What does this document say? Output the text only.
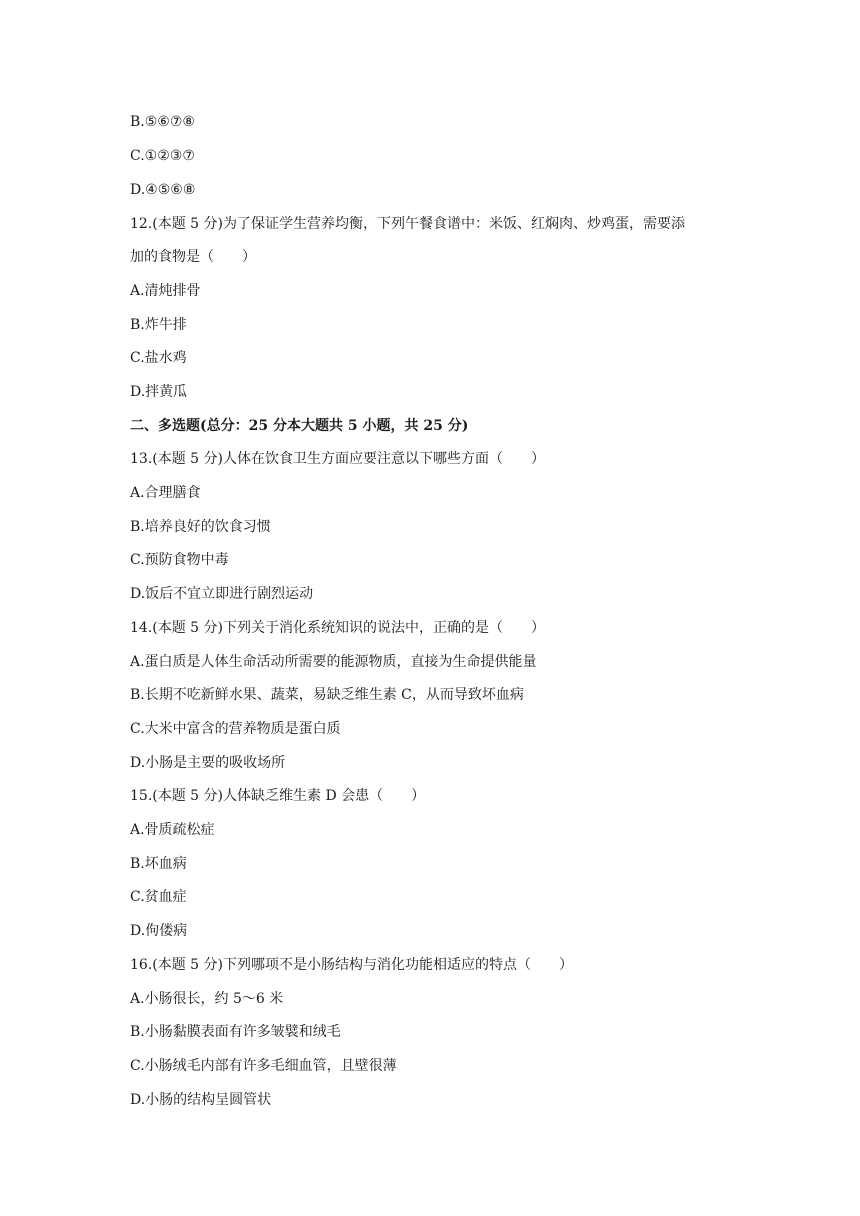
B.⑤⑥⑦⑧
C.①②③⑦
D.④⑤⑥⑧
12.(本题 5 分)为了保证学生营养均衡，下列午餐食谱中：米饭、红焖肉、炒鸡蛋，需要添
加的食物是（　　）
A.清炖排骨
B.炸牛排
C.盐水鸡
D.拌黄瓜
二、多选题(总分：25 分本大题共 5 小题，共 25 分)
13.(本题 5 分)人体在饮食卫生方面应要注意以下哪些方面（　　）
A.合理膳食
B.培养良好的饮食习惯
C.预防食物中毒
D.饭后不宜立即进行剧烈运动
14.(本题 5 分)下列关于消化系统知识的说法中，正确的是（　　）
A.蛋白质是人体生命活动所需要的能源物质，直接为生命提供能量
B.长期不吃新鲜水果、蔬菜，易缺乏维生素 C，从而导致坏血病
C.大米中富含的营养物质是蛋白质
D.小肠是主要的吸收场所
15.(本题 5 分)人体缺乏维生素 D 会患（　　）
A.骨质疏松症
B.坏血病
C.贫血症
D.佝偻病
16.(本题 5 分)下列哪项不是小肠结构与消化功能相适应的特点（　　）
A.小肠很长，约 5～6 米
B.小肠黏膜表面有许多皱襞和绒毛
C.小肠绒毛内部有许多毛细血管，且壁很薄
D.小肠的结构呈圆管状
